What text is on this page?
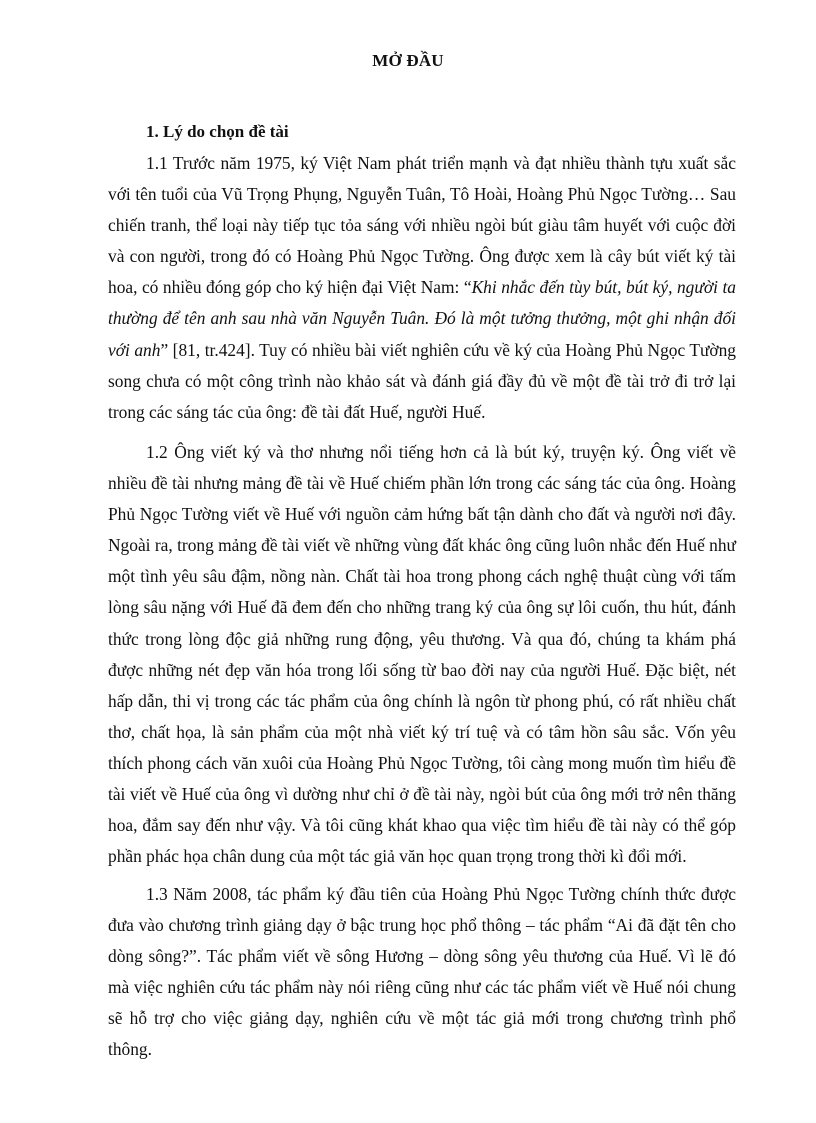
MỞ ĐẦU
1. Lý do chọn đề tài

1.1 Trước năm 1975, ký Việt Nam phát triển mạnh và đạt nhiều thành tựu xuất sắc với tên tuổi của Vũ Trọng Phụng, Nguyễn Tuân, Tô Hoài, Hoàng Phủ Ngọc Tường… Sau chiến tranh, thể loại này tiếp tục tỏa sáng với nhiều ngòi bút giàu tâm huyết với cuộc đời và con người, trong đó có Hoàng Phủ Ngọc Tường. Ông được xem là cây bút viết ký tài hoa, có nhiều đóng góp cho ký hiện đại Việt Nam: “Khi nhắc đến tùy bút, bút ký, người ta thường để tên anh sau nhà văn Nguyễn Tuân. Đó là một tưởng thưởng, một ghi nhận đối với anh” [81, tr.424]. Tuy có nhiều bài viết nghiên cứu về ký của Hoàng Phủ Ngọc Tường song chưa có một công trình nào khảo sát và đánh giá đầy đủ về một đề tài trở đi trở lại trong các sáng tác của ông: đề tài đất Huế, người Huế.

1.2 Ông viết ký và thơ nhưng nổi tiếng hơn cả là bút ký, truyện ký. Ông viết về nhiều đề tài nhưng mảng đề tài về Huế chiếm phần lớn trong các sáng tác của ông. Hoàng Phủ Ngọc Tường viết về Huế với nguồn cảm hứng bất tận dành cho đất và người nơi đây. Ngoài ra, trong mảng đề tài viết về những vùng đất khác ông cũng luôn nhắc đến Huế như một tình yêu sâu đậm, nồng nàn. Chất tài hoa trong phong cách nghệ thuật cùng với tấm lòng sâu nặng với Huế đã đem đến cho những trang ký của ông sự lôi cuốn, thu hút, đánh thức trong lòng độc giả những rung động, yêu thương. Và qua đó, chúng ta khám phá được những nét đẹp văn hóa trong lối sống từ bao đời nay của người Huế. Đặc biệt, nét hấp dẫn, thi vị trong các tác phẩm của ông chính là ngôn từ phong phú, có rất nhiều chất thơ, chất họa, là sản phẩm của một nhà viết ký trí tuệ và có tâm hồn sâu sắc. Vốn yêu thích phong cách văn xuôi của Hoàng Phủ Ngọc Tường, tôi càng mong muốn tìm hiểu đề tài viết về Huế của ông vì dường như chỉ ở đề tài này, ngòi bút của ông mới trở nên thăng hoa, đắm say đến như vậy. Và tôi cũng khát khao qua việc tìm hiểu đề tài này có thể góp phần phác họa chân dung của một tác giả văn học quan trọng trong thời kì đổi mới.

1.3 Năm 2008, tác phẩm ký đầu tiên của Hoàng Phủ Ngọc Tường chính thức được đưa vào chương trình giảng dạy ở bậc trung học phổ thông – tác phẩm “Ai đã đặt tên cho dòng sông?”. Tác phẩm viết về sông Hương – dòng sông yêu thương của Huế. Vì lẽ đó mà việc nghiên cứu tác phẩm này nói riêng cũng như các tác phẩm viết về Huế nói chung sẽ hỗ trợ cho việc giảng dạy, nghiên cứu về một tác giả mới trong chương trình phổ thông.
